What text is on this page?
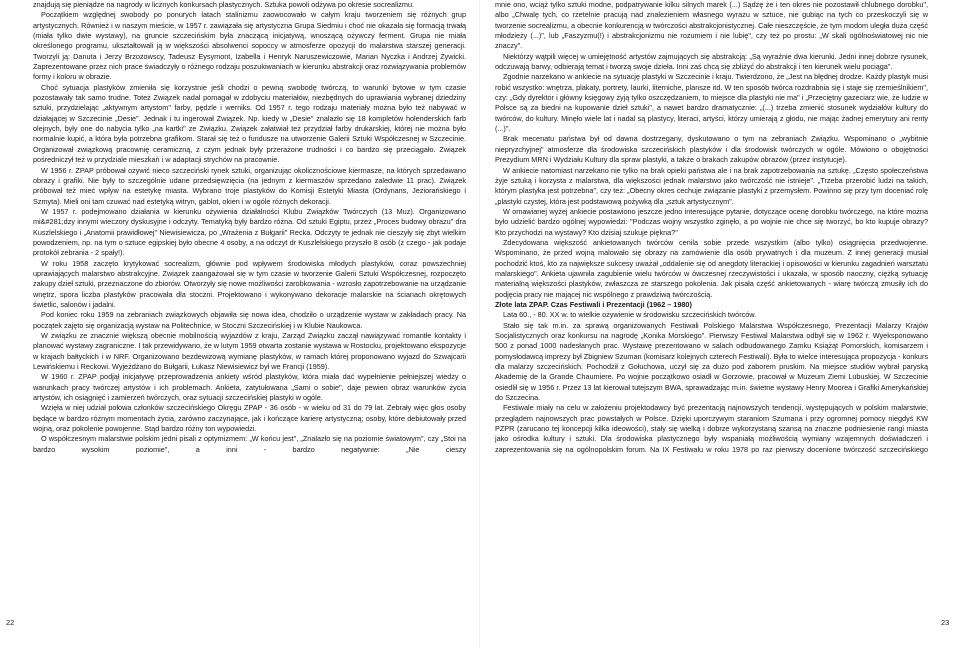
znajdują się pieniądze na nagrody w licznych konkursach plastycznych. Sztuka powoli odżywa po okresie socrealizmu.

Początkiem względnej swobody po ponurych latach stalinizmu zaowocowało w całym kraju tworzeniem się różnych grup artystycznych. Również i w naszym mieście, w 1957 r. zawiązała się artystyczna Grupa Siedmiu i choć nie okazała się formacją trwałą (miała tylko dwie wystawy), na gruncie szczecińskim była znaczącą inicjatywą, wnoszącą ożywczy ferment. Grupa nie miała określonego programu, ukształtowali ją w większości absolwenci sopoccy w atmosferze opozycji do malarstwa starszej generacji. Tworzyli ją: Danuta i Jerzy Brzozowscy, Tadeusz Eysymont, Izabella i Henryk Naruszewiczowie, Marian Nyczka i Andrzej Żywicki. Zaprezentowane przez nich prace świadczyły o różnego rodzaju poszukiwaniach w kierunku abstrakcji oraz rozwiązywania problemów formy i koloru w obrazie.

Choć sytuacja plastyków zmieniła się korzystnie jeśli chodzi o pewną swobodę twórczą, to warunki bytowe w tym czasie pozostawały tak samo trudne. Toteż Związek nadal pomagał w zdobyciu materiałów, niezbędnych do uprawiania wybranej dziedziny sztuki, przydzielając „aktywnym artystom" farby, pędzle i werniks. Od 1957 r. tego rodzaju materiały można było też nabywać w działającej w Szczecinie „Desie". Jednak i tu ingerował Związek. Np. kiedy w „Desie" znalazło się 18 kompletów holenderskich farb olejnych, były one do nabycia tylko „na kartki" ze Związku. Związek załatwiał też przydział farby drukarskiej, której nie można było normalnie kupić, a która była potrzebna grafikom. Starał się też o fundusze na utworzenie Galerii Sztuki Współczesnej w Szczecinie. Organizował związkową pracownię ceramiczną, z czym jednak były przerażone trudności i co bardzo się przeciągało. Związek pośredniczył też w przydziale mieszkań i w adaptacji strychów na pracownie.

W 1956 r. ZPAP próbował ożywić nieco szczeciński rynek sztuki, organizując okolicznościowe kiermasze, na których sprzedawano obrazy i grafiki. Nie były to szczególnie udane przedsięwzięcia (na jednym z kiermaszów sprzedano zaledwie 11 prac). Związek próbował też mieć wpływ na estetykę miasta. Wybrano troje plastyków do Komisji Estetyki Miasta (Ordynans, Jeziorańskiego i Szmyta). Mieli oni tam czuwać nad estetyką witryn, gablot, okien i w ogóle różnych dekoracji.

W 1957 r. podejmowano działania w kierunku ożywienia działalności Klubu Związków Twórczych (13 Muz). Organizowano mi&#281;dzy innymi wieczory dyskusyjne i odczyty. Tematyką były bardzo różna. Od sztuki Egiptu, przez „Proces budowy obrazu" dra Kuszlelskiego i „Anatomii prawidłowej" Niewisiewicza, po „Wrażenia z Bułgarii" Recka. Odczyty te jednak nie cieszyły się zbyt wielkim powodzeniem, np. na tym o sztuce egipskiej było obecne 4 osoby, a na odczyt dr Kuszlelskiego przyszło 8 osób (z czego - jak podaje protokół zebrania - 2 spały!).

W roku 1958 zaczęto krytykować socrealizm, głównie pod wpływem środowiska młodych plastyków, coraz powszechniej uprawiających malarstwo abstrakcyjne. Związek zaangażował się w tym czasie w tworzenie Galerii Sztuki Współczesnej, rozpoczęto zakupy dzieł sztuki, przeznaczone do zbiorów. Otworzyły się nowe możliwości zarobkowania - wzrosło zapotrzebowanie na urządzanie wnętrz, spora liczba plastyków pracowała dla stoczni. Projektowano i wykonywano dekoracje malarskie na ścianach okrętowych świetlic, salonów i jadalni.

Pod koniec roku 1959 na zebraniach związkowych objawiła się nowa idea, chodziło o urządzenie wystaw w zakładach pracy. Na początek zajęto się organizacją wystaw na Politechnice, w Stoczni Szczecińskiej i w Klubie Naukowca.

W związku ze znacznie większą obecnie mobilnością wyjazdów z kraju, Zarząd Związku zaczął nawiązywać romantłe kontakty i planować wystawy zagraniczne. I tak przewidywano, że w lutym 1959 otwarta zostanie wystawa w Rostocku, projektowano ekspozycje w krajach bałtyckich i w NRF. Organizowano bezdewizową wymianę plastyków, w ramach której proponowano wyjazd do Szwajcarii Lewińskiemu i Reckowi. Wyjeżdżano do Bułgarii, Łukasz Niewisiewicz był we Francji (1959).

W 1960 r. ZPAP podjął inicjatywę przeprowadzenia ankiety wśród plastyków, która miała dać wypełnienie pełniejszej wiedzy o warunkach pracy twórczej artystów i ich problemach. Ankieta, zatytułowana „Sami o sobie", daje pewien obraz warunków życia artystów, ich osiągnięć i zamierzeń twórczych, oraz sytuacji szczecińskiej plastyki w ogóle.

Wzięła w niej udział połowa członków szczecińskiego Okręgu ZPAP - 36 osób - w wieku od 31 do 79 lat. Zebrały więc głos osoby będące w bardzo różnym momentach życia, zarówno zaczynające, jak i kończące karierę artystyczną; osoby, które debiutowały przed wojną, oraz pokolenie powojenne. Stąd bardzo różny ton wypowiedzi.

O współczesnym malarstwie polskim jedni pisali z optymizmem: „W końcu jest", „Znalazło się na poziomie światowym", czy „Stoi na bardzo wysokim poziomie", a inni - bardzo negatywnie: „Nie cieszy

mnie ono, wciąż tylko sztuki modne, podpatrywanie kilku silnych marek (...) Sądzę że i ten okres nie pozostawił chlubnego dorobku", albo „Chwalę tych, co rzetelnie pracują nad znalezieniem własnego wyrazu w sztuce, nie gubiąc na tych co przeskoczyli się w tworzenie socrealizmu, a obecnie konkurencją w twórczości abstrakcjonistycznej. Całe nieszczęście, że tym modom uległa duża część młodzieży (...)", lub „Faszyzmu(!) i abstrakcjonizmu nie rozumiem i nie lubię", czy też po prostu: „W skali ogólnoświatowej nic nie znaczy".

Niektórzy wątpili więcej w umiejętność artystów zajmujących się abstrakcją: „Są wyraźnie dwa kierunki. Jedni innej dobrze rysunek, odczuwają barwy, odbierają temat i tworzą swoje dzieła. Inni zaś chcą się zbliżyć do abstrakcji i ten kierunek wielu pociąga".

Zgodnie narzekano w ankiecie na sytuację plastyki w Szczecinie i kraju. Twierdzono, że „Jest na błędnej drodze. Każdy plastyk musi robić wszystko: wnętrza, plakaty, portrety, laurki, literniche, plansze itd. W ten sposób twórca rozdrabnia się i staje się rzemieślnikiem", czy: „Gdy dyrektor i główny księgowy żyją tylko oszczędzaniem, to miejsce dla plastyki nie ma" i „Przeciętny gazeciarz wie, że ludzie w Polsce są za biedni na kupowanie dzieł sztuki", a nawet bardzo dramatycznie: „(...) trzeba zmienić stosunek wydziałów kultury do twórców, do kultury. Minęło wiele lat i nadal są plastycy, literaci, artyści, którzy umierają z głodu, nie mając żadnej emerytury ani renty (...)".

Brak mecenatu państwa był od dawna dostrzegany, dyskutowano o tym na zebraniach Związku. Wspominano o „wybitnie niepryzchyjnej" atmosferze dla środowiska szczecińskich plastyków i dla środowisk twórczych w ogóle. Mówiono o obojętności Prezydium MRN i Wydziału Kultury dla spraw plastyki, a także o brakach zakupów obrazów (przez instytucje).

W ankiecie natomiast narzekano nie tylko na brak opieki państwa ale i na brak zapotrzebowania na sztukę. „Często społeczeństwa żyje sztuką i korzysta z malarstwa, dla większości jednak malarstwo jako twórczość nie istnieje". „Trzeba przerobić ludzi na takich, którym plastyka jest potrzebna", czy też: „Obecny okres cechuje związanie plastyki z przemysłem. Powinno się przy tym doceniać rolę „plastyki czystej, która jest podstawową pożywką dla „sztuk artystycznym".

W omawianej wyżej ankiecie postawiono jeszcze jedno interesujące pytanie, dotyczące ocenę dorobku twórczego, na które można było udzielić bardzo ogólnej wypowiedzi: "Podczas wojny wszystko zginęło, a po wojnie nie chce się tworzyć, bo kto kupuje obrazy? Kto przychodzi na wystawy? Kto dzisiaj szukuje piękna?"

Zdecydowana większość ankietowanych twórców cenila sobie przede wszystkim (albo tylko) osiągnięcia przedwojenne. Wspominano, że przed wojną malowało się obrazy na zamówienie dla osób prywatnych i dla muzeum. Z innej generacji musiał pochodzić ktoś, kto za największe sukcesy uważał „oddalenie się od anegdoty literackiej i opisowości w kierunku zagadnień warsztatu malarskiego". Ankieta ujawniła zagubienie wielu twórców w ówczesnej rzeczywistości i ukazała, w sposób naoczny, ciężką sytuację materialną większości plastyków, zwłaszcza ze starszego pokolenia. Jak pisała część ankietowanych - wiarę twórczą zmusiły ich do podjęcia pracy nie mającej nic wspólnego z prawdziwą twórczością.

Złote lata ZPAP. Czas Festiwali i Prezentacji (1962 – 1980)

Lata 60., - 80. XX w. to wielkie ożywienie w środowisku szczecińskich twórców.

Stało się tak m.in. za sprawą organizowanych Festiwali Polskiego Malarstwa Współczesnego, Prezentacji Malarzy Krajów Socjalistycznych oraz konkursu na nagrodę „Konika Morskiego". Pierwszy Festiwal Malarstwa odbył się w 1962 r. Wyeksponowano 500 z ponad 1000 nadesłanych prac. Wystawę prezentowano w salach odbudowanego Zamku Książąt Pomorskich, komisarzem i pomysłodawcą imprezy był Zbigniew Szuman (komisarz kolejnych czterech Festiwali). Była to wielce interesująca propozycja - konkurs dla malarzy szczecińskich. Pochodził z Gołuchowa, uczył się za dużo pod zaborem pruskim. Na miejsce studiów wybrał paryską Akademię de la Grande Chaumiere. Po wojnie początkowo osiadł w Gorzowie, pracował w Muzeum Ziemi Lubuskiej. W Szczecinie osiedlił się w 1956 r. Przez 13 lat kierował tutejszym BWA, sprawadzając m.in. świetne wystawy Henry Moorea i Grafiki Amerykańskiej do Szczecina.

Festiwale miały na celu w założeniu projektodawcy być prezentacją najnowszych tendencji, występujących w polskim malarstwie, przeglądem najnowszych prac powstałych w Polsce. Dzięki uporczywym staraniom Szumana i przy ogromnej pomocy niegdyś KW PZPR (zarucano tej koncepcji kilka ideowości), stały się wielką i dobrze wykorzystaną szansą na znaczne podniesienie rangi miasta jako ośrodka kultury i sztuki. Dla środowiska plastycznego były wspaniałą możliwością wymiany wzajemnych doświadczeń i zaprezentowania się na ogólnopolskim forum. Na IX Festiwalu w roku 1978 po raz pierwszy docenione twórczość szczecińskiego

22	23
